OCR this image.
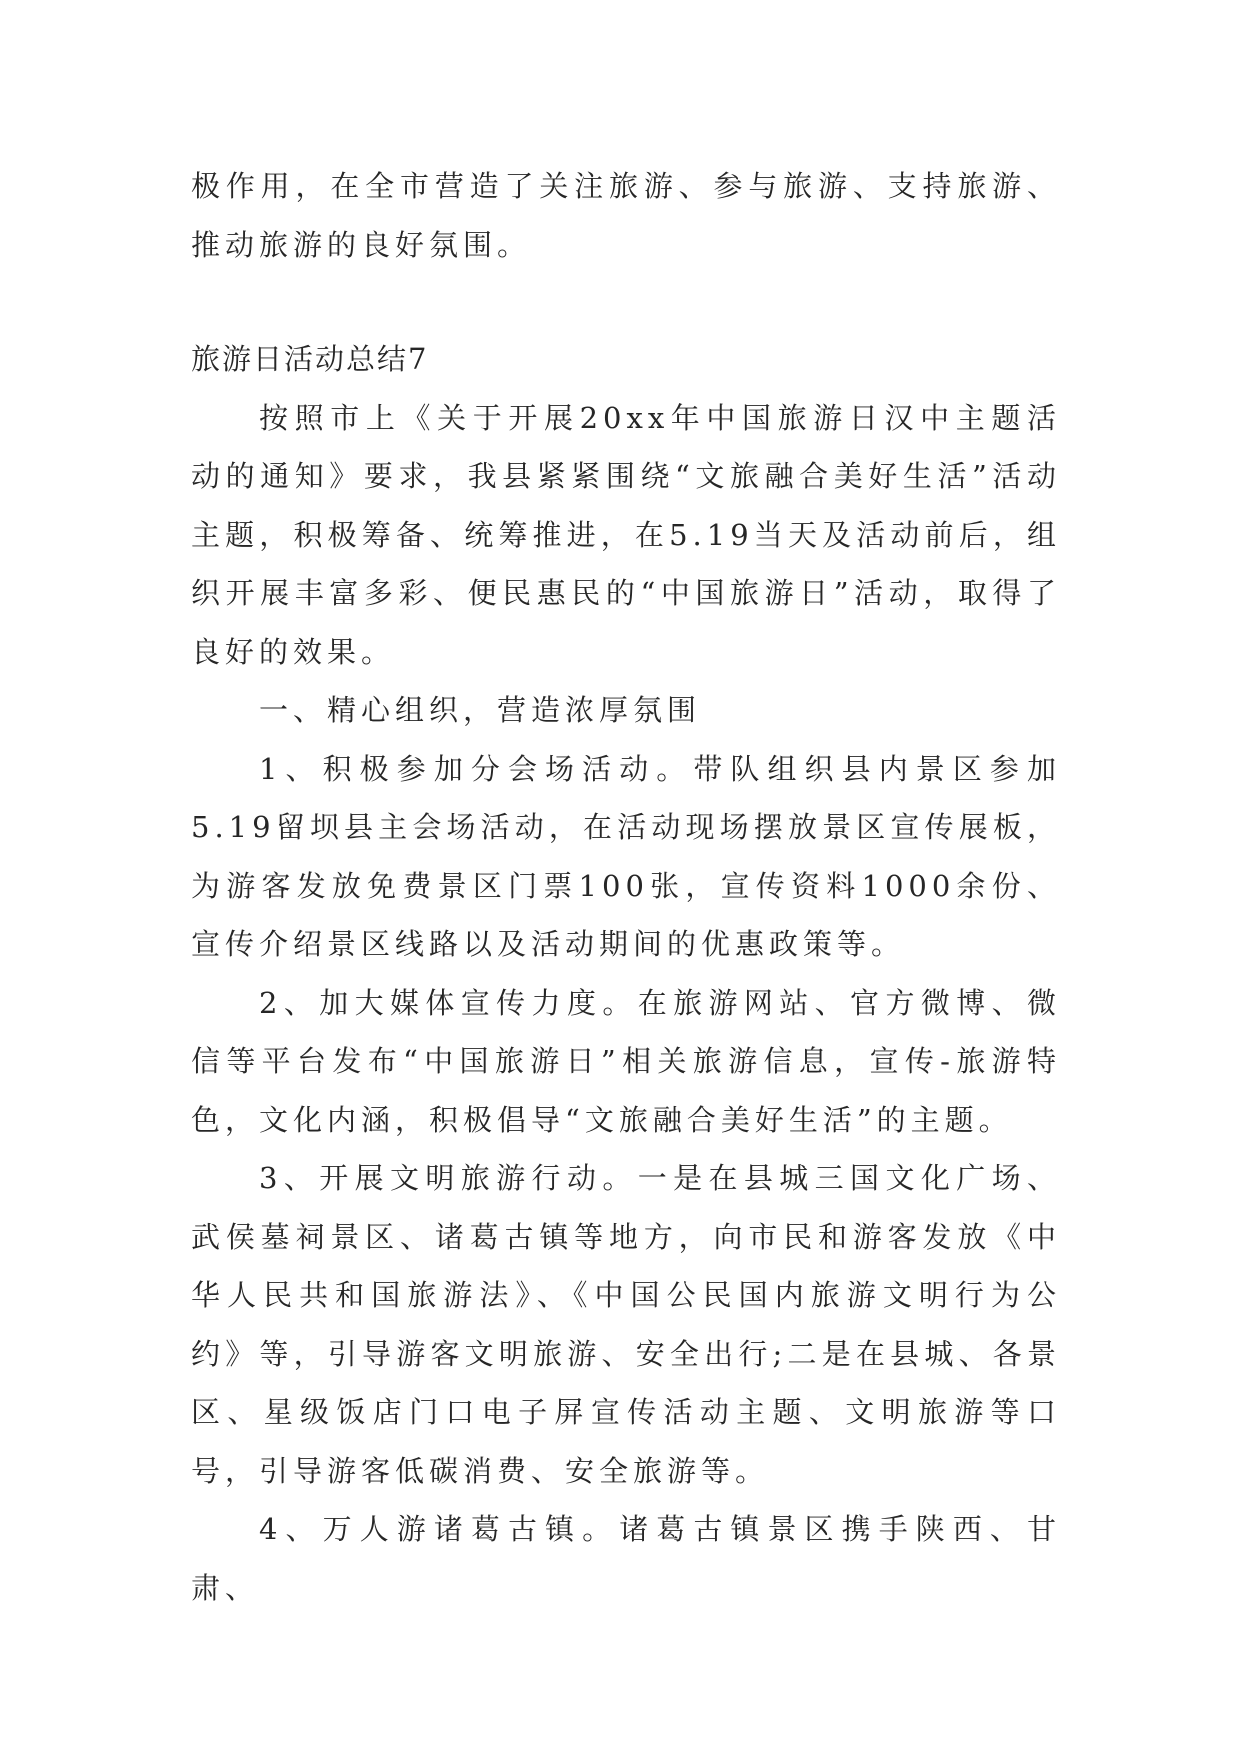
极作用，在全市营造了关注旅游、参与旅游、支持旅游、推动旅游的良好氛围。

旅游日活动总结7

按照市上《关于开展20xx年中国旅游日汉中主题活动的通知》要求，我县紧紧围绕“文旅融合美好生活”活动主题，积极筹备、统筹推进，在5.19当天及活动前后，组织开展丰富多彩、便民惠民的“中国旅游日”活动，取得了良好的效果。

一、精心组织，营造浓厚氛围

1、积极参加分会场活动。带队组织县内景区参加5.19留坝县主会场活动，在活动现场摆放景区宣传展板，为游客发放免费景区门票100张，宣传资料1000余份、宣传介绍景区线路以及活动期间的优惠政策等。

2、加大媒体宣传力度。在旅游网站、官方微博、微信等平台发布“中国旅游日”相关旅游信息，宣传-旅游特色，文化内涵，积极倡导“文旅融合美好生活”的主题。

3、开展文明旅游行动。一是在县城三国文化广场、武侯墓祠景区、诸葛古镇等地方，向市民和游客发放《中华人民共和国旅游法》、《中国公民国内旅游文明行为公约》等，引导游客文明旅游、安全出行;二是在县城、各景区、星级饭店门口电子屏宣传活动主题、文明旅游等口号，引导游客低碳消费、安全旅游等。

4、万人游诸葛古镇。诸葛古镇景区携手陕西、甘肃、
